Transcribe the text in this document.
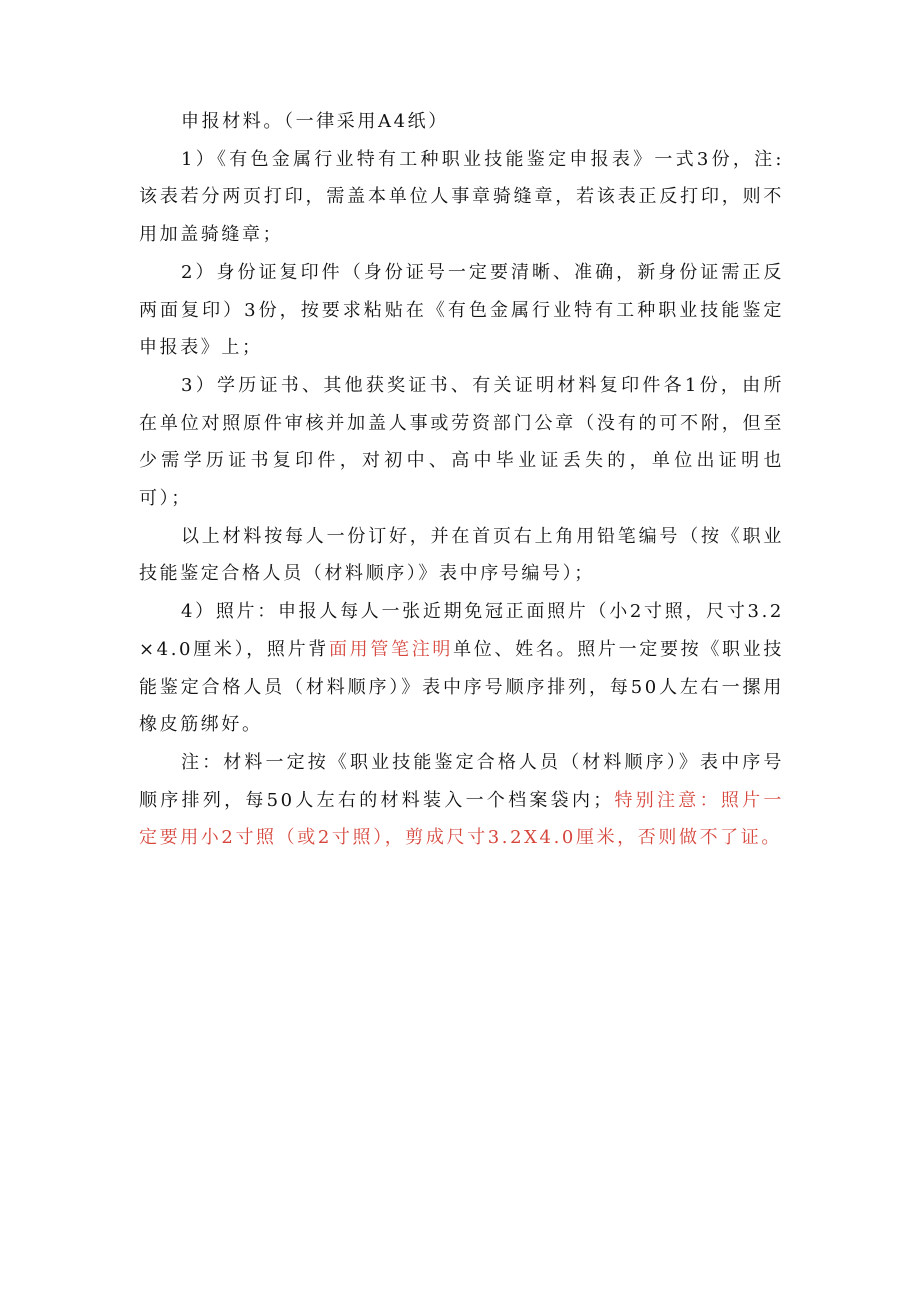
申报材料。（一律采用A4纸）

1）《有色金属行业特有工种职业技能鉴定申报表》一式3份，注:该表若分两页打印，需盖本单位人事章骑缝章，若该表正反打印，则不用加盖骑缝章；

2）身份证复印件（身份证号一定要清晰、准确，新身份证需正反两面复印）3份，按要求粘贴在《有色金属行业特有工种职业技能鉴定申报表》上；

3）学历证书、其他获奖证书、有关证明材料复印件各1份，由所在单位对照原件审核并加盖人事或劳资部门公章（没有的可不附，但至少需学历证书复印件，对初中、高中毕业证丢失的，单位出证明也可）；

以上材料按每人一份订好，并在首页右上角用铅笔编号（按《职业技能鉴定合格人员（材料顺序）》表中序号编号）；

4）照片：申报人每人一张近期免冠正面照片（小2寸照，尺寸3.2×4.0厘米），照片背面用管笔注明单位、姓名。照片一定要按《职业技能鉴定合格人员（材料顺序）》表中序号顺序排列，每50人左右一摞用橡皮筋绑好。

注：材料一定按《职业技能鉴定合格人员（材料顺序）》表中序号顺序排列，每50人左右的材料装入一个档案袋内；特别注意：照片一定要用小2寸照（或2寸照），剪成尺寸3.2X4.0厘米，否则做不了证。
